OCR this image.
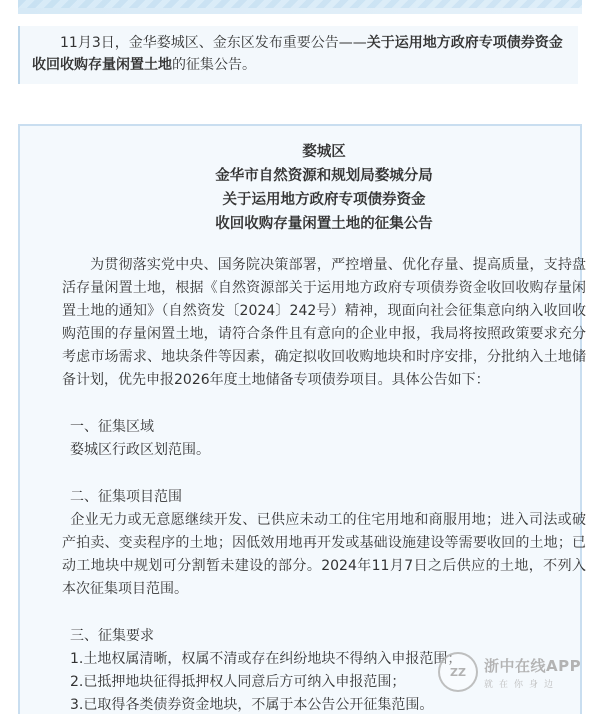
11月3日，金华婺城区、金东区发布重要公告——关于运用地方政府专项债券资金收回收购存量闲置土地的征集公告。
婺城区
金华市自然资源和规划局婺城分局
关于运用地方政府专项债券资金
收回收购存量闲置土地的征集公告
为贯彻落实党中央、国务院决策部署，严控增量、优化存量、提高质量，支持盘活存量闲置土地，根据《自然资源部关于运用地方政府专项债券资金收回收购存量闲置土地的通知》（自然资发〔2024〕242号）精神，现面向社会征集意向纳入收回收购范围的存量闲置土地，请符合条件且有意向的企业申报，我局将按照政策要求充分考虑市场需求、地块条件等因素，确定拟收回收购地块和时序安排，分批纳入土地储备计划，优先申报2026年度土地储备专项债券项目。具体公告如下：
一、征集区域
婺城区行政区划范围。
二、征集项目范围
企业无力或无意愿继续开发、已供应未动工的住宅用地和商服用地；进入司法或破产拍卖、变卖程序的土地；因低效用地再开发或基础设施建设等需要收回的土地；已动工地块中规划可分割暂未建设的部分。2024年11月7日之后供应的土地，不列入本次征集项目范围。
三、征集要求
1.土地权属清晰，权属不清或存在纠纷地块不得纳入申报范围；
2.已抵押地块征得抵押权人同意后方可纳入申报范围；
3.已取得各类债券资金地块，不属于本公告公开征集范围。
ZZ	浙中在线APP
就在你身边
